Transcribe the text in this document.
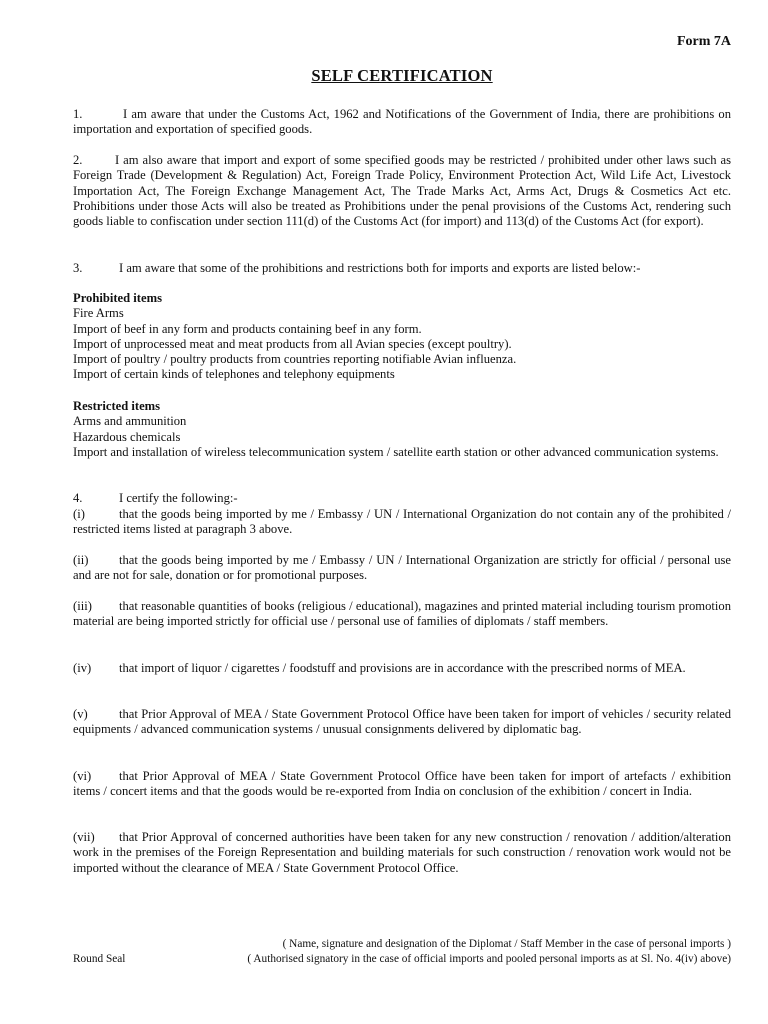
Form 7A
SELF CERTIFICATION
1.	I am aware that under the Customs Act, 1962 and Notifications of the Government of India, there are prohibitions on importation and exportation of specified goods.
2.	I am also aware that import and export of some specified goods may be restricted / prohibited under other laws such as Foreign Trade (Development & Regulation) Act, Foreign Trade Policy, Environment Protection Act, Wild Life Act, Livestock Importation Act, The Foreign Exchange Management Act, The Trade Marks Act, Arms Act, Drugs & Cosmetics Act etc. Prohibitions under those Acts will also be treated as Prohibitions under the penal provisions of the Customs Act, rendering such goods liable to confiscation under section 111(d) of the Customs Act (for import) and 113(d) of the Customs Act (for export).
3.	I am aware that some of the prohibitions and restrictions both for imports and exports are listed below:-
Prohibited items
Fire Arms
Import of beef in any form and products containing beef in any form.
Import of unprocessed meat and meat products from all Avian species (except poultry).
Import of poultry / poultry products from countries reporting notifiable Avian influenza.
Import of certain kinds of telephones and telephony equipments
Restricted items
Arms and ammunition
Hazardous chemicals
Import and installation of wireless telecommunication system / satellite earth station or other advanced communication systems.
4.	I certify the following:-
(i)	that the goods being imported by me / Embassy / UN / International Organization do not contain any of the prohibited / restricted items listed at paragraph 3 above.
(ii) that the goods being imported by me / Embassy / UN / International Organization are strictly for official / personal use and are not for sale, donation or for promotional purposes.
(iii) that reasonable quantities of books (religious / educational), magazines and printed material including tourism promotion material are being imported strictly for official use / personal use of families of diplomats / staff members.
(iv) that import of liquor / cigarettes / foodstuff and provisions are in accordance with the prescribed norms of MEA.
(v) that Prior Approval of MEA / State Government Protocol Office have been taken for import of vehicles / security related equipments / advanced communication systems / unusual consignments delivered by diplomatic bag.
(vi) that Prior Approval of MEA / State Government Protocol Office have been taken for import of artefacts / exhibition items / concert items and that the goods would be re-exported from India on conclusion of the exhibition / concert in India.
(vii) that Prior Approval of concerned authorities have been taken for any new construction / renovation / addition/alteration work in the premises of the Foreign Representation and building materials for such construction / renovation work would not be imported without the clearance of MEA / State Government Protocol Office.
( Name, signature and designation of the Diplomat / Staff Member in the case of personal imports )
Round Seal	( Authorised signatory in the case of official imports and pooled personal imports as at Sl. No. 4(iv) above)
